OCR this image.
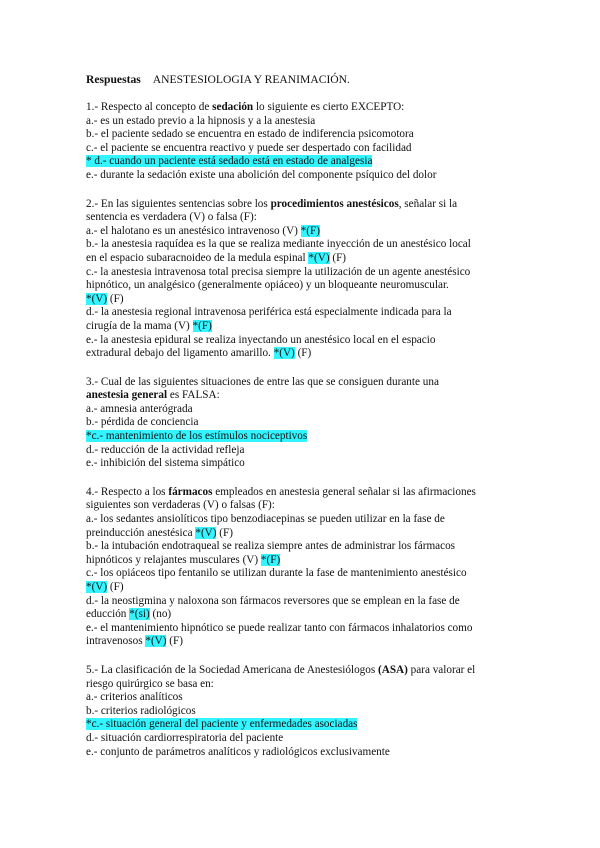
Respuestas ANESTESIOLOGIA Y REANIMACIÓN.
1.- Respecto al concepto de sedación lo siguiente es cierto EXCEPTO:
a.- es un estado previo a la hipnosis y a la anestesia
b.- el paciente sedado se encuentra en estado de indiferencia psicomotora
c.- el paciente se encuentra reactivo y puede ser despertado con facilidad
* d.- cuando un paciente está sedado está en estado de analgesia
e.- durante la sedación existe una abolición del componente psíquico del dolor
2.- En las siguientes sentencias sobre los procedimientos anestésicos, señalar si la
sentencia es verdadera (V) o falsa (F):
a.- el halotano es un anestésico intravenoso (V) *(F)
b.- la anestesia raquídea es la que se realiza mediante inyección de un anestésico local
en el espacio subaracnoideo de la medula espinal *(V) (F)
c.- la anestesia intravenosa total precisa siempre la utilización de un agente anestésico
hipnótico, un analgésico (generalmente opiáceo) y un bloqueante neuromuscular.
*(V) (F)
d.- la anestesia regional intravenosa periférica está especialmente indicada para la
cirugía de la mama (V) *(F)
e.- la anestesia epidural se realiza inyectando un anestésico local en el espacio
extradural debajo del ligamento amarillo. *(V) (F)
3.- Cual de las siguientes situaciones de entre las que se consiguen durante una
anestesia general es FALSA:
a.- amnesia anterógrada
b.- pérdida de conciencia
*c.- mantenimiento de los estímulos nociceptivos
d.- reducción de la actividad refleja
e.- inhibición del sistema simpático
4.- Respecto a los fármacos empleados en anestesia general señalar si las afirmaciones
siguientes son verdaderas (V) o falsas (F):
a.- los sedantes ansiolíticos tipo benzodiacepinas se pueden utilizar en la fase de
preinducción anestésica *(V) (F)
b.- la intubación endotraqueal se realiza siempre antes de administrar los fármacos
hipnóticos y relajantes musculares (V) *(F)
c.- los opiáceos tipo fentanilo se utilizan durante la fase de mantenimiento anestésico
*(V) (F)
d.- la neostigmina y naloxona son fármacos reversores que se emplean en la fase de
educción *(si) (no)
e.- el mantenimiento hipnótico se puede realizar tanto con fármacos inhalatorios como
intravenosos *(V) (F)
5.- La clasificación de la Sociedad Americana de Anestesiólogos (ASA) para valorar el
riesgo quirúrgico se basa en:
a.- criterios analíticos
b.- criterios radiológicos
*c.- situación general del paciente y enfermedades asociadas
d.- situación cardiorrespiratoria del paciente
e.- conjunto de parámetros analíticos y radiológicos exclusivamente
